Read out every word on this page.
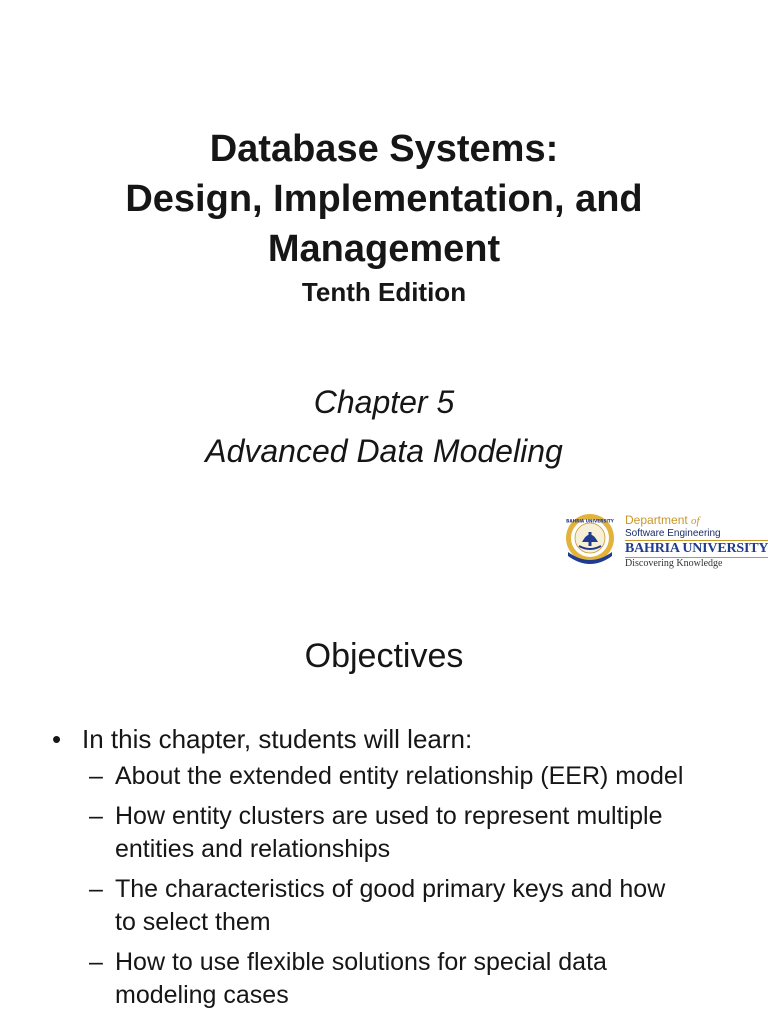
Database Systems:
Design, Implementation, and
Management
Tenth Edition
Chapter 5
Advanced Data Modeling
BAHRIA UNIVERSITY Department of
Software Engineering
BAHRIA UNIVERSITY
Discovering Knowledge
Objectives
• In this chapter, students will learn:
– About the extended entity relationship (EER) model
– How entity clusters are used to represent multiple entities and relationships
– The characteristics of good primary keys and how to select them
– How to use flexible solutions for special data modeling cases
